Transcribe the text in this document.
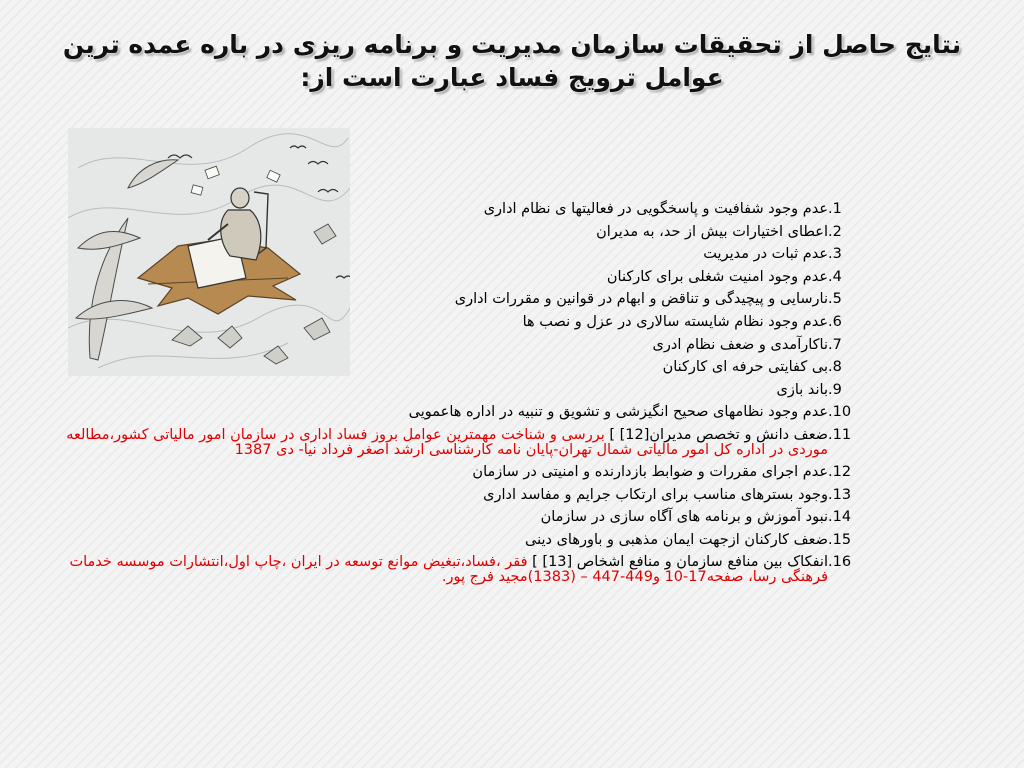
نتایج حاصل از تحقیقات سازمان مدیریت و برنامه ریزی در باره عمده ترین
عوامل ترویج فساد عبارت است از:
1.
عدم وجود شفافیت و پاسخگویی در فعالیتها ی نظام اداری
2.
اعطای اختیارات بیش از حد، به مدیران
3.
عدم ثبات در مدیریت
4.
عدم وجود امنیت شغلی برای کارکنان
5.
نارسایی و پیچیدگی و تناقض و ابهام در قوانین و مقررات اداری
6.
عدم وجود نظام شایسته سالاری در عزل و نصب ها
7.
ناکارآمدی و ضعف نظام ادری
8.
بی کفایتی حرفه ای کارکنان
9.
باند بازی
10.
عدم وجود نظامهای صحیح انگیزشی و تشویق و تنبیه در اداره هاعمویی
11.
ضعف دانش و تخصص مدیران[12] ] بررسی و شناخت مهمترین عوامل بروز فساد اداری در سازمان امور مالیاتی کشور،مطالعه موردی در اداره کل امور مالیاتی شمال تهران-پایان نامه کارشناسی ارشد اصغر فرداد نیا- دی 1387
12.
عدم اجرای مقررات و ضوابط بازدارنده و امنیتی در سازمان
13.
وجود بسترهای مناسب برای ارتکاب جرایم و مفاسد اداری
14.
نبود آموزش و برنامه های آگاه سازی در سازمان
15.
ضعف کارکنان ازجهت ایمان مذهبی و باورهای دینی
16.
انفکاک بین منافع سازمان و منافع اشخاص [13] ] فقر ،فساد،تبغیض موانع توسعه در ایران ،چاپ اول،انتشارات موسسه خدمات فرهنگی رسا، صفحه17-10 و449-447 – (1383)مجید فرج پور.
